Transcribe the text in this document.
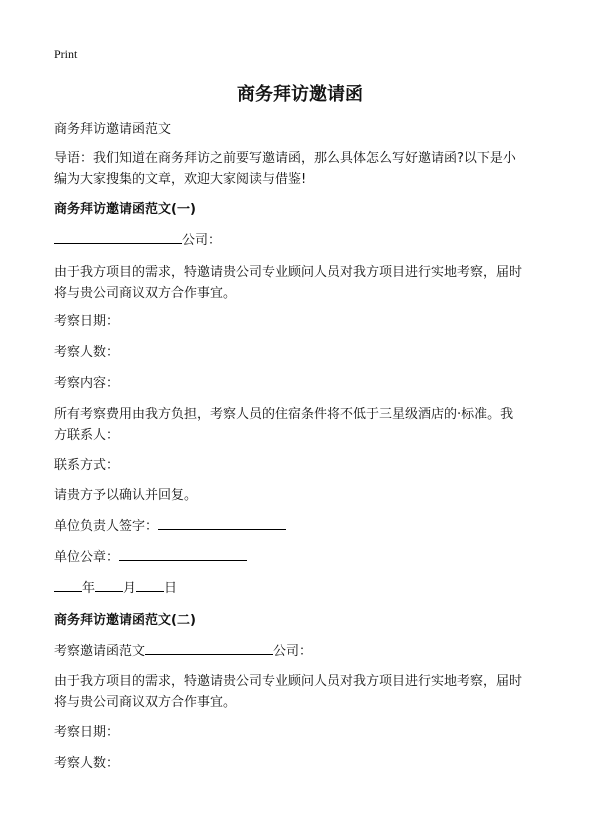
Print
商务拜访邀请函
商务拜访邀请函范文
导语：我们知道在商务拜访之前要写邀请函，那么具体怎么写好邀请函?以下是小
编为大家搜集的文章，欢迎大家阅读与借鉴!
商务拜访邀请函范文(一)
公司：
由于我方项目的需求，特邀请贵公司专业顾问人员对我方项目进行实地考察，届时
将与贵公司商议双方合作事宜。
考察日期：
考察人数：
考察内容：
所有考察费用由我方负担，考察人员的住宿条件将不低于三星级酒店的·标准。我
方联系人：
联系方式：
请贵方予以确认并回复。
单位负责人签字：
单位公章：
年 月 日
商务拜访邀请函范文(二)
考察邀请函范文	公司：
由于我方项目的需求，特邀请贵公司专业顾问人员对我方项目进行实地考察，届时
将与贵公司商议双方合作事宜。
考察日期：
考察人数：
